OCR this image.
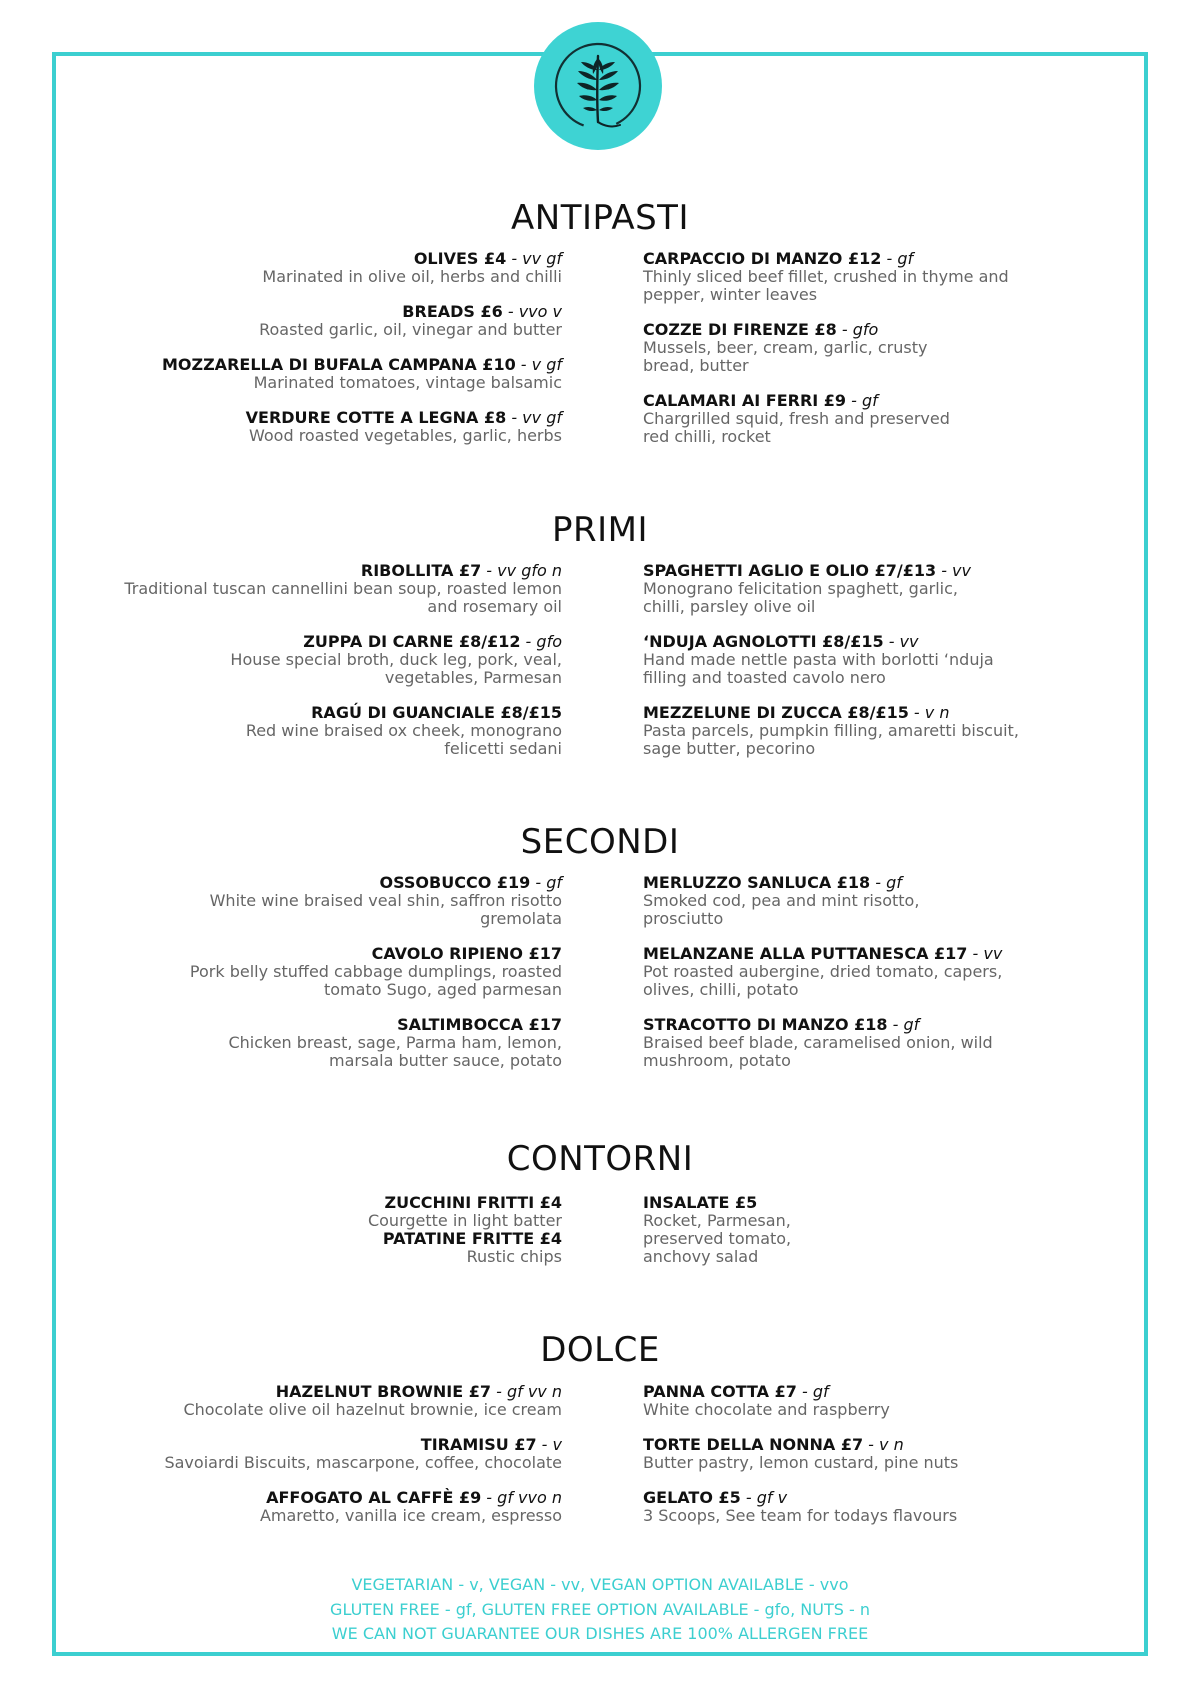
ANTIPASTI
OLIVES £4 - vv gf
Marinated in olive oil, herbs and chilli
BREADS £6 - vvo v
Roasted garlic, oil, vinegar and butter
MOZZARELLA DI BUFALA CAMPANA £10 - v gf
Marinated tomatoes, vintage balsamic
VERDURE COTTE A LEGNA £8 - vv gf
Wood roasted vegetables, garlic, herbs
CARPACCIO DI MANZO £12 - gf
Thinly sliced beef fillet, crushed in thyme and pepper, winter leaves
COZZE DI FIRENZE £8 - gfo
Mussels, beer, cream, garlic, crusty bread, butter
CALAMARI AI FERRI £9 - gf
Chargrilled squid, fresh and preserved red chilli, rocket
PRIMI
RIBOLLITA £7 - vv gfo n
Traditional tuscan cannellini bean soup, roasted lemon and rosemary oil
ZUPPA DI CARNE £8/£12 - gfo
House special broth, duck leg, pork, veal, vegetables, Parmesan
RAGÚ DI GUANCIALE £8/£15
Red wine braised ox cheek, monograno felicetti sedani
SPAGHETTI AGLIO E OLIO £7/£13 - vv
Monograno felicitation spaghett, garlic, chilli, parsley olive oil
‘NDUJA AGNOLOTTI £8/£15 - vv
Hand made nettle pasta with borlotti ‘nduja filling and toasted cavolo nero
MEZZELUNE DI ZUCCA £8/£15 - v n
Pasta parcels, pumpkin filling, amaretti biscuit, sage butter, pecorino
SECONDI
OSSOBUCCO £19 - gf
White wine braised veal shin, saffron risotto gremolata
CAVOLO RIPIENO £17
Pork belly stuffed cabbage dumplings, roasted tomato Sugo, aged parmesan
SALTIMBOCCA £17
Chicken breast, sage, Parma ham, lemon, marsala butter sauce, potato
MERLUZZO SANLUCA £18 - gf
Smoked cod, pea and mint risotto, prosciutto
MELANZANE ALLA PUTTANESCA £17 - vv
Pot roasted aubergine, dried tomato, capers, olives, chilli, potato
STRACOTTO DI MANZO £18 - gf
Braised beef blade, caramelised onion, wild mushroom, potato
CONTORNI
ZUCCHINI FRITTI £4
Courgette in light batter
PATATINE FRITTE £4
Rustic chips
INSALATE £5
Rocket, Parmesan, preserved tomato, anchovy salad
DOLCE
HAZELNUT BROWNIE £7 - gf vv n
Chocolate olive oil hazelnut brownie, ice cream
TIRAMISU £7 - v
Savoiardi Biscuits, mascarpone, coffee, chocolate
AFFOGATO AL CAFFÈ £9 - gf vvo n
Amaretto, vanilla ice cream, espresso
PANNA COTTA £7 - gf
White chocolate and raspberry
TORTE DELLA NONNA £7 - v n
Butter pastry, lemon custard, pine nuts
GELATO £5 - gf v
3 Scoops, See team for todays flavours
VEGETARIAN - v, VEGAN - vv, VEGAN OPTION AVAILABLE - vvo
GLUTEN FREE - gf, GLUTEN FREE OPTION AVAILABLE - gfo, NUTS - n
WE CAN NOT GUARANTEE OUR DISHES ARE 100% ALLERGEN FREE
